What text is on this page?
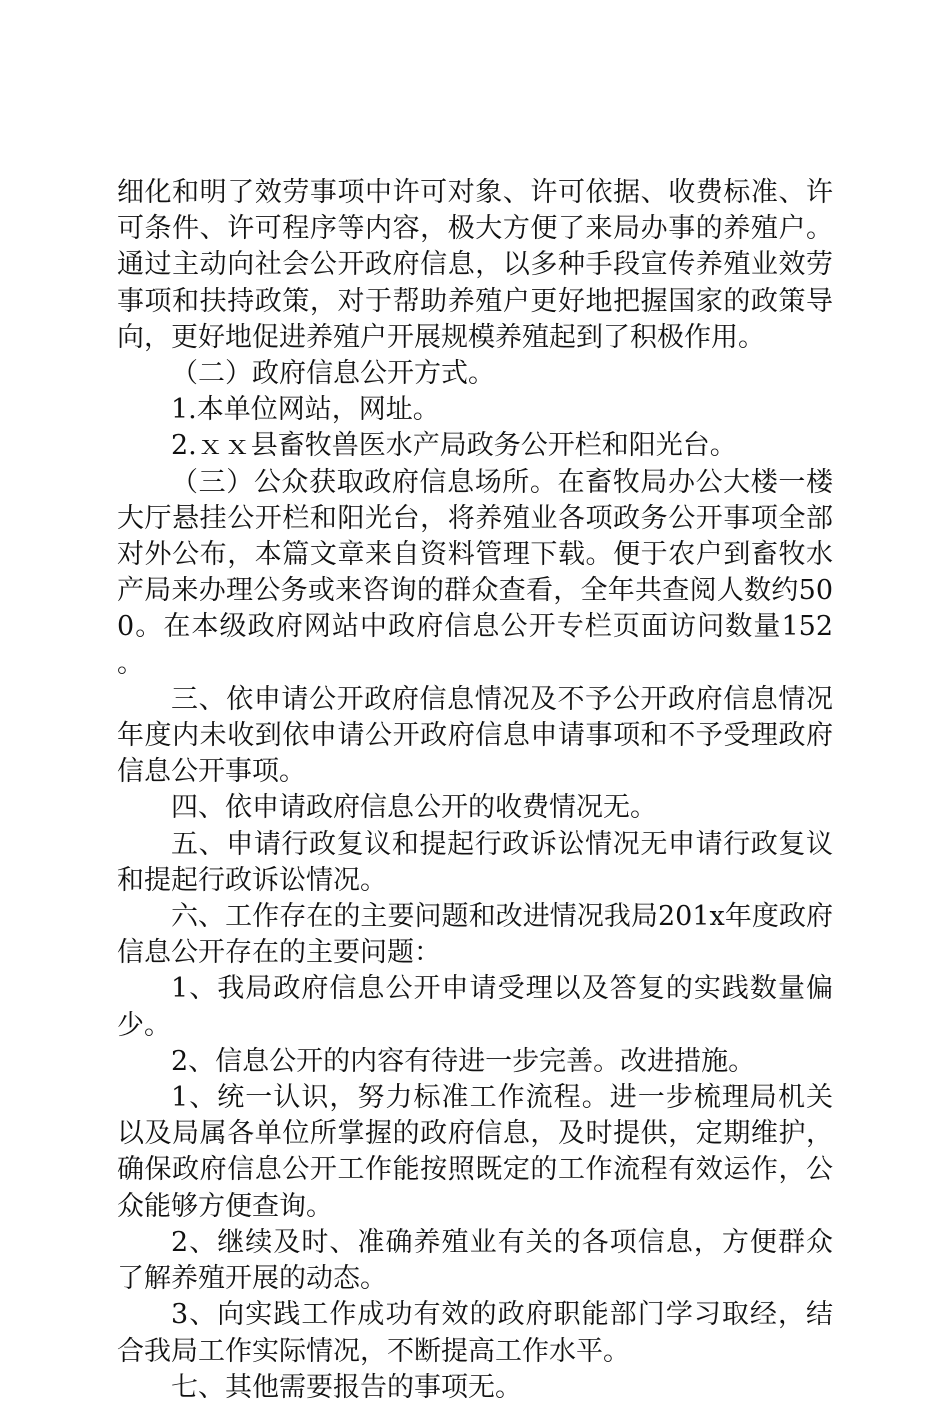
细化和明了效劳事项中许可对象、许可依据、收费标准、许可条件、许可程序等内容，极大方便了来局办事的养殖户。通过主动向社会公开政府信息，以多种手段宣传养殖业效劳事项和扶持政策，对于帮助养殖户更好地把握国家的政策导向，更好地促进养殖户开展规模养殖起到了积极作用。

（二）政府信息公开方式。

1.本单位网站，网址。

2.ｘｘ县畜牧兽医水产局政务公开栏和阳光台。

（三）公众获取政府信息场所。在畜牧局办公大楼一楼大厅悬挂公开栏和阳光台，将养殖业各项政务公开事项全部对外公布，本篇文章来自资料管理下载。便于农户到畜牧水产局来办理公务或来咨询的群众查看，全年共查阅人数约500。在本级政府网站中政府信息公开专栏页面访问数量152。

三、依申请公开政府信息情况及不予公开政府信息情况年度内未收到依申请公开政府信息申请事项和不予受理政府信息公开事项。

四、依申请政府信息公开的收费情况无。

五、申请行政复议和提起行政诉讼情况无申请行政复议和提起行政诉讼情况。

六、工作存在的主要问题和改进情况我局201x年度政府信息公开存在的主要问题：

1、我局政府信息公开申请受理以及答复的实践数量偏少。

2、信息公开的内容有待进一步完善。改进措施。

1、统一认识，努力标准工作流程。进一步梳理局机关以及局属各单位所掌握的政府信息，及时提供，定期维护，确保政府信息公开工作能按照既定的工作流程有效运作，公众能够方便查询。

2、继续及时、准确养殖业有关的各项信息，方便群众了解养殖开展的动态。

3、向实践工作成功有效的政府职能部门学习取经，结合我局工作实际情况，不断提高工作水平。

七、其他需要报告的事项无。
